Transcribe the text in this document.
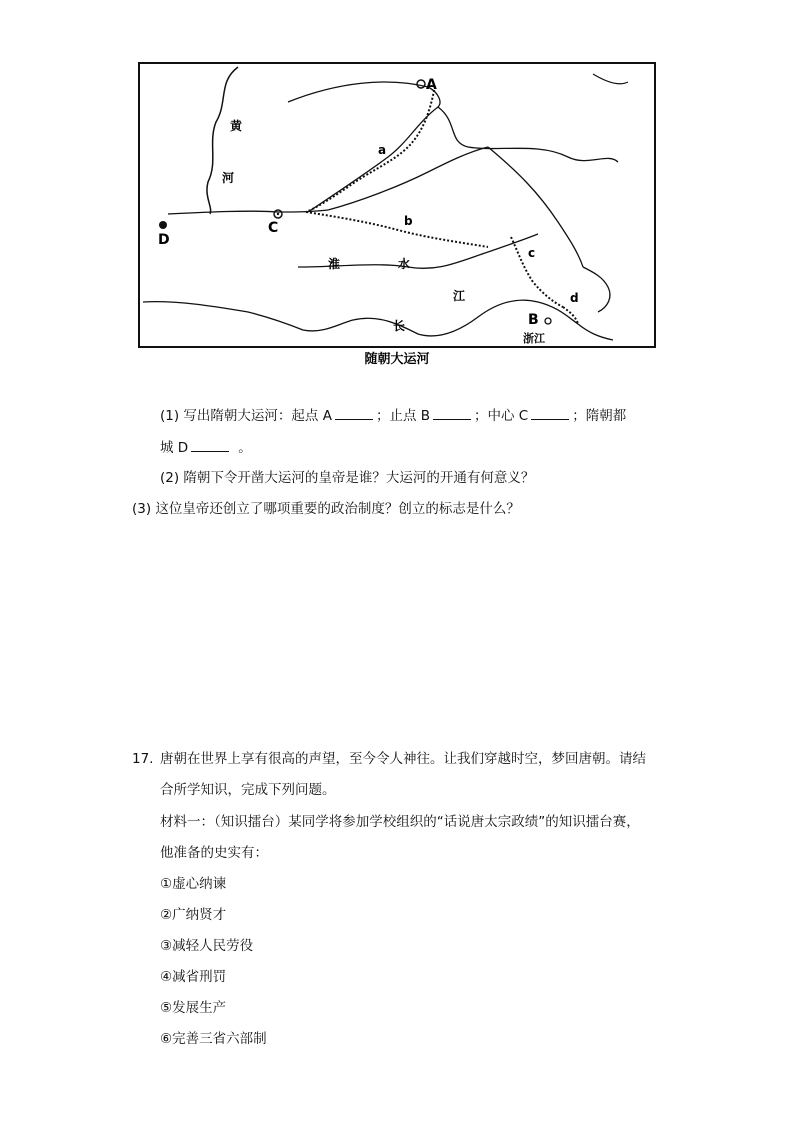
黄
河
A
D
C
B
a
b
c
d
淮	水
江
长
浙江
随朝大运河
(1) 写出隋朝大运河：起点 A	；止点 B	；中心 C	；隋朝都
城 D	。
(2) 隋朝下令开凿大运河的皇帝是谁？大运河的开通有何意义？
(3) 这位皇帝还创立了哪项重要的政治制度？创立的标志是什么？
17. 唐朝在世界上享有很高的声望，至今令人神往。让我们穿越时空，梦回唐朝。请结
合所学知识，完成下列问题。
材料一：（知识擂台）某同学将参加学校组织的“话说唐太宗政绩”的知识擂台赛，
他准备的史实有：
①虚心纳谏
②广纳贤才
③减轻人民劳役
④减省刑罚
⑤发展生产
⑥完善三省六部制
